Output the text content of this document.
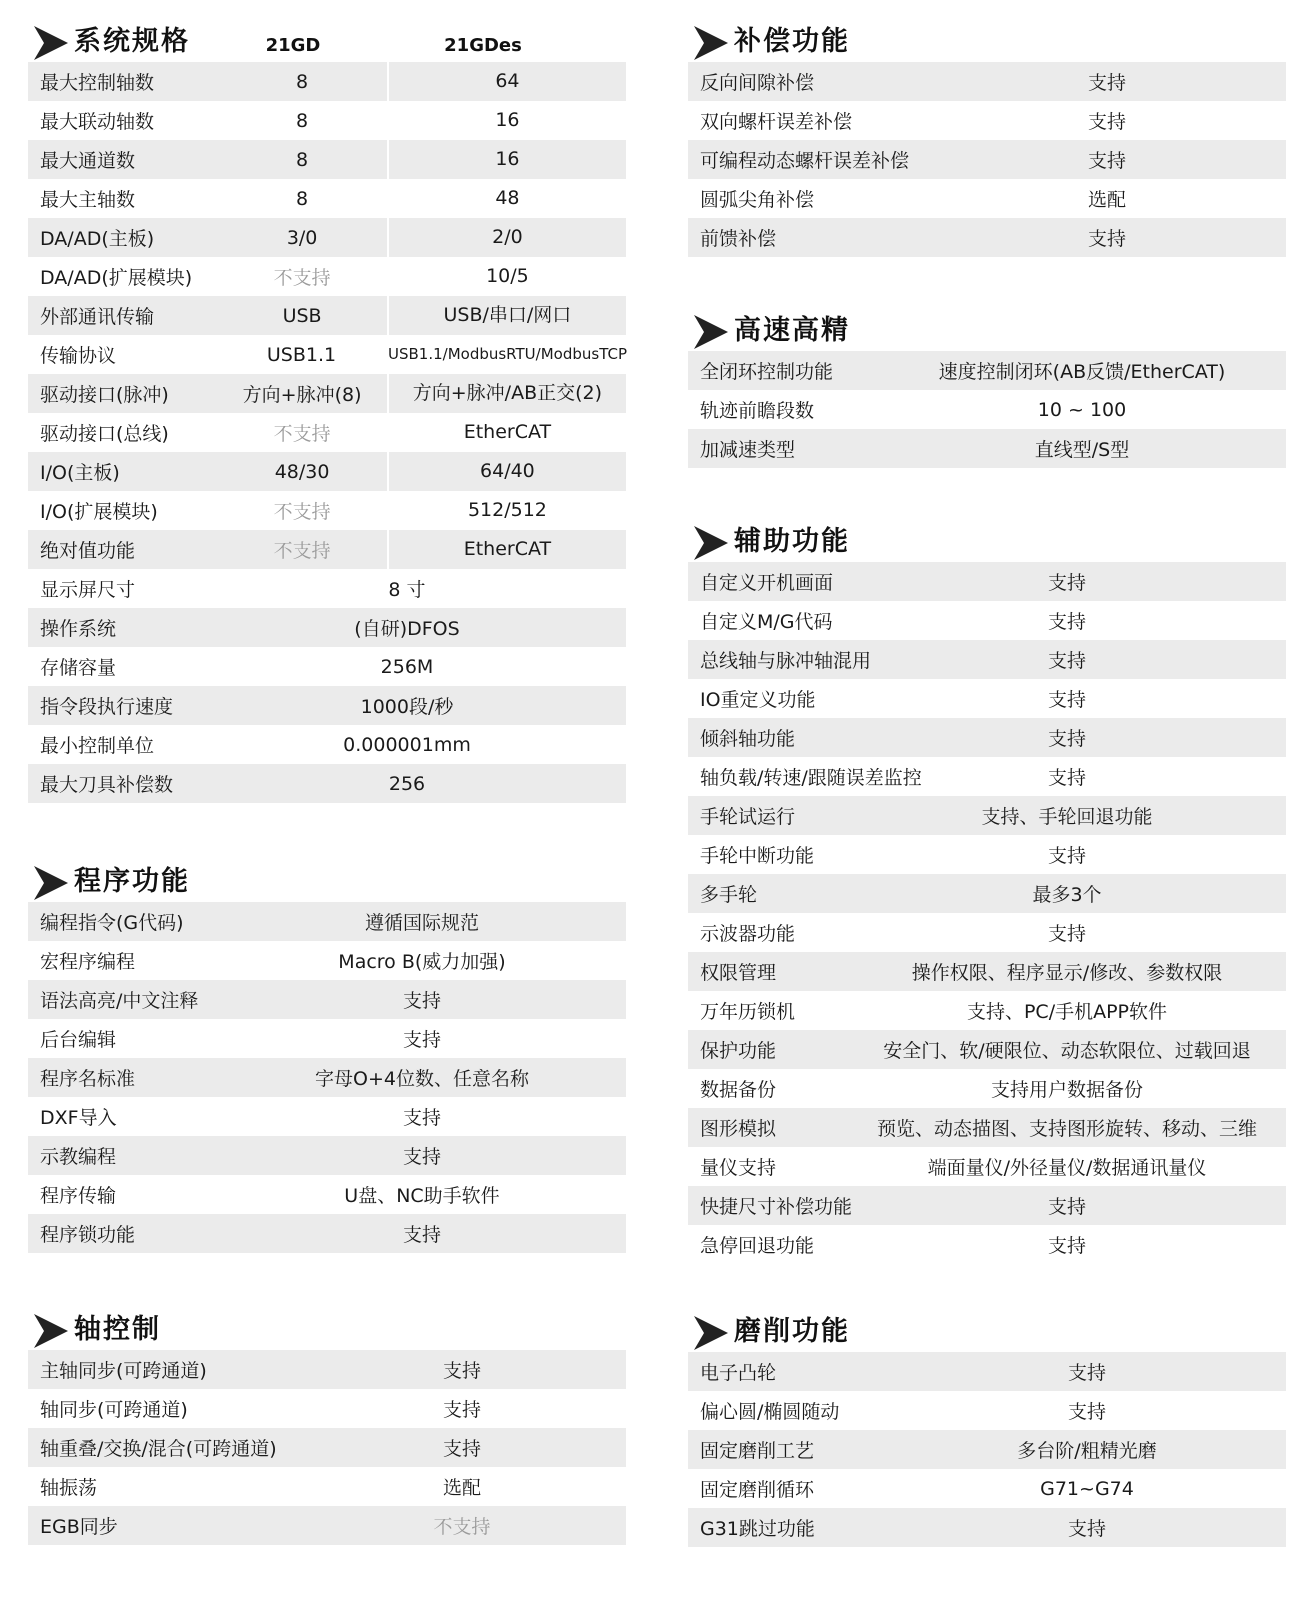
系统规格	21GD	21GDes
最大控制轴数	8	64
最大联动轴数	8	16
最大通道数	8	16
最大主轴数	8	48
DA/AD(主板)	3/0	2/0
DA/AD(扩展模块)	不支持	10/5
外部通讯传输	USB	USB/串口/网口
传输协议	USB1.1	USB1.1/ModbusRTU/ModbusTCP
驱动接口(脉冲)	方向+脉冲(8)	方向+脉冲/AB正交(2)
驱动接口(总线)	不支持	EtherCAT
I/O(主板)	48/30	64/40
I/O(扩展模块)	不支持	512/512
绝对值功能	不支持	EtherCAT
显示屏尺寸	8 寸
操作系统	(自研)DFOS
存储容量	256M
指令段执行速度	1000段/秒
最小控制单位	0.000001mm
最大刀具补偿数	256
程序功能
编程指令(G代码)	遵循国际规范
宏程序编程	Macro B(威力加强)
语法高亮/中文注释	支持
后台编辑	支持
程序名标准	字母O+4位数、任意名称
DXF导入	支持
示教编程	支持
程序传输	U盘、NC助手软件
程序锁功能	支持
轴控制
主轴同步(可跨通道)	支持
轴同步(可跨通道)	支持
轴重叠/交换/混合(可跨通道)	支持
轴振荡	选配
EGB同步	不支持
补偿功能
反向间隙补偿	支持
双向螺杆误差补偿	支持
可编程动态螺杆误差补偿	支持
圆弧尖角补偿	选配
前馈补偿	支持
高速高精
全闭环控制功能	速度控制闭环(AB反馈/EtherCAT)
轨迹前瞻段数	10 ~ 100
加减速类型	直线型/S型
辅助功能
自定义开机画面	支持
自定义M/G代码	支持
总线轴与脉冲轴混用	支持
IO重定义功能	支持
倾斜轴功能	支持
轴负载/转速/跟随误差监控	支持
手轮试运行	支持、手轮回退功能
手轮中断功能	支持
多手轮	最多3个
示波器功能	支持
权限管理	操作权限、程序显示/修改、参数权限
万年历锁机	支持、PC/手机APP软件
保护功能	安全门、软/硬限位、动态软限位、过载回退
数据备份	支持用户数据备份
图形模拟	预览、动态描图、支持图形旋转、移动、三维
量仪支持	端面量仪/外径量仪/数据通讯量仪
快捷尺寸补偿功能	支持
急停回退功能	支持
磨削功能
电子凸轮	支持
偏心圆/椭圆随动	支持
固定磨削工艺	多台阶/粗精光磨
固定磨削循环	G71~G74
G31跳过功能	支持
